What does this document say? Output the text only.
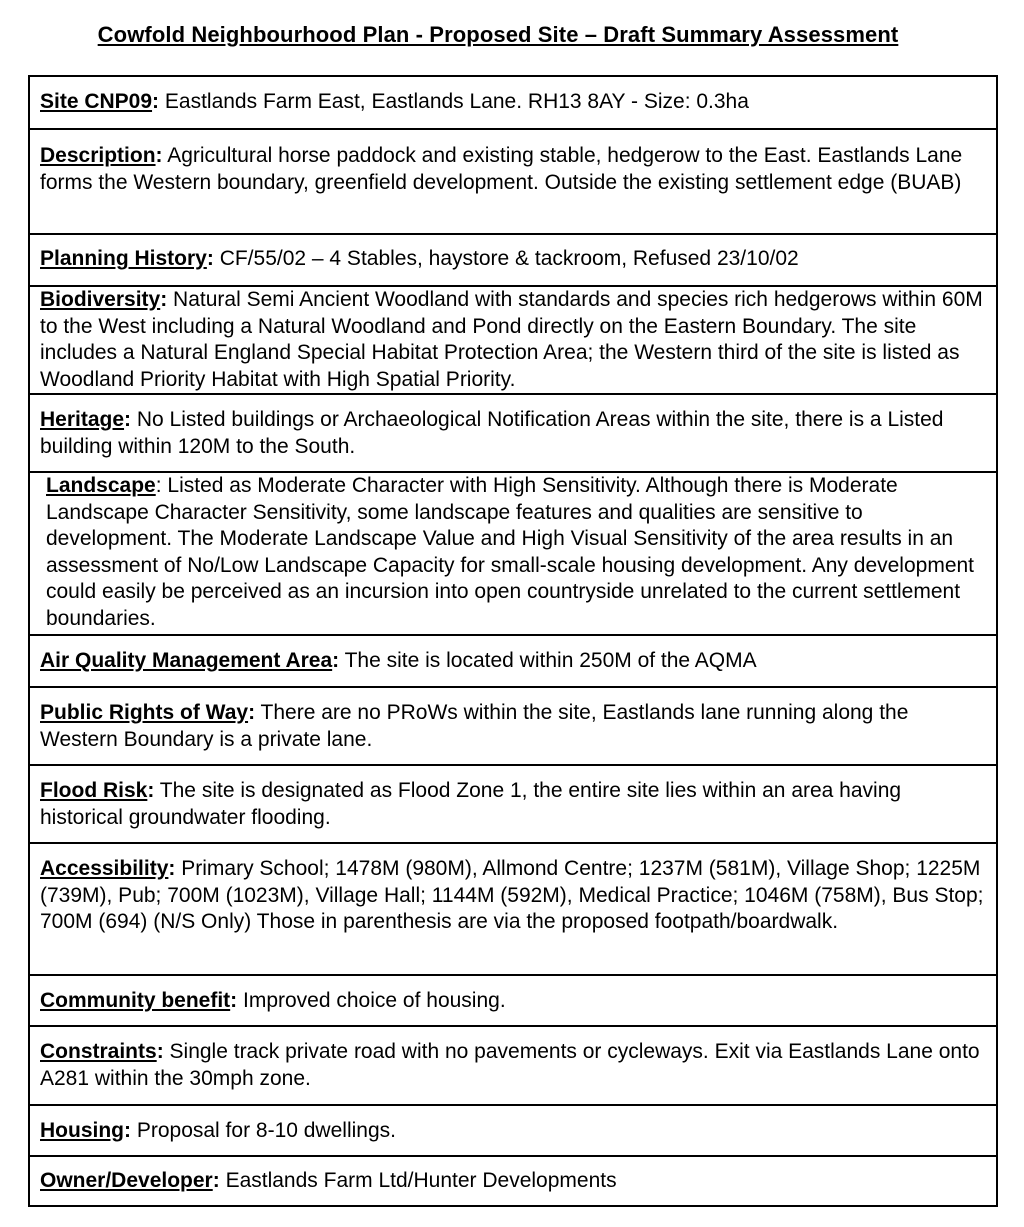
Cowfold Neighbourhood Plan - Proposed Site – Draft Summary Assessment
Site CNP09: Eastlands Farm East, Eastlands Lane. RH13 8AY - Size: 0.3ha
Description: Agricultural horse paddock and existing stable, hedgerow to the East. Eastlands Lane forms the Western boundary, greenfield development. Outside the existing settlement edge (BUAB)
Planning History: CF/55/02 – 4 Stables, haystore & tackroom, Refused 23/10/02
Biodiversity: Natural Semi Ancient Woodland with standards and species rich hedgerows within 60M to the West including a Natural Woodland and Pond directly on the Eastern Boundary. The site includes a Natural England Special Habitat Protection Area; the Western third of the site is listed as Woodland Priority Habitat with High Spatial Priority.
Heritage: No Listed buildings or Archaeological Notification Areas within the site, there is a Listed building within 120M to the South.
Landscape: Listed as Moderate Character with High Sensitivity. Although there is Moderate Landscape Character Sensitivity, some landscape features and qualities are sensitive to development. The Moderate Landscape Value and High Visual Sensitivity of the area results in an assessment of No/Low Landscape Capacity for small-scale housing development. Any development could easily be perceived as an incursion into open countryside unrelated to the current settlement boundaries.
Air Quality Management Area: The site is located within 250M of the AQMA
Public Rights of Way: There are no PRoWs within the site, Eastlands lane running along the Western Boundary is a private lane.
Flood Risk: The site is designated as Flood Zone 1, the entire site lies within an area having historical groundwater flooding.
Accessibility: Primary School; 1478M (980M), Allmond Centre; 1237M (581M), Village Shop; 1225M (739M), Pub; 700M (1023M), Village Hall; 1144M (592M), Medical Practice; 1046M (758M), Bus Stop; 700M (694) (N/S Only) Those in parenthesis are via the proposed footpath/boardwalk.
Community benefit: Improved choice of housing.
Constraints: Single track private road with no pavements or cycleways. Exit via Eastlands Lane onto A281 within the 30mph zone.
Housing: Proposal for 8-10 dwellings.
Owner/Developer: Eastlands Farm Ltd/Hunter Developments
